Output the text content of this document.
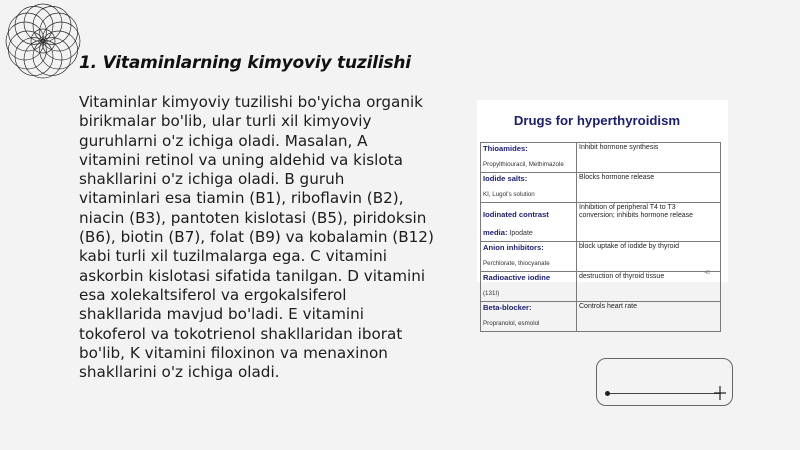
1. Vitaminlarning kimyoviy tuzilishi
Vitaminlar kimyoviy tuzilishi bo'yicha organik
birikmalar bo'lib, ular turli xil kimyoviy
guruhlarni o'z ichiga oladi. Masalan, A
vitamini retinol va uning aldehid va kislota
shakllarini o'z ichiga oladi. B guruh
vitaminlari esa tiamin (B1), riboflavin (B2),
niacin (B3), pantoten kislotasi (B5), piridoksin
(B6), biotin (B7), folat (B9) va kobalamin (B12)
kabi turli xil tuzilmalarga ega. C vitamini
askorbin kislotasi sifatida tanilgan. D vitamini
esa xolekaltsiferol va ergokalsiferol
shakllarida mavjud bo'ladi. E vitamini
tokoferol va tokotrienol shakllaridan iborat
bo'lib, K vitamini filoxinon va menaxinon
shakllarini o'z ichiga oladi.
Drugs for hyperthyroidism
Thioamides:
Propylthiouracil, Methimazole	Inhibit hormone synthesis

Iodide salts:
KI, Lugol's solution	Blocks hormone release

Iodinated contrast media: Ipodate	Inhibition of peripheral T4 to T3
conversion; inhibits hormone release

Anion inhibitors:
Perchlorate, thiocyanate	block uptake of iodide by thyroid

Radioactive iodine
(131I)	destruction of thyroid tissue

Beta-blocker:
Propranolol, esmolol	Controls heart rate
48
